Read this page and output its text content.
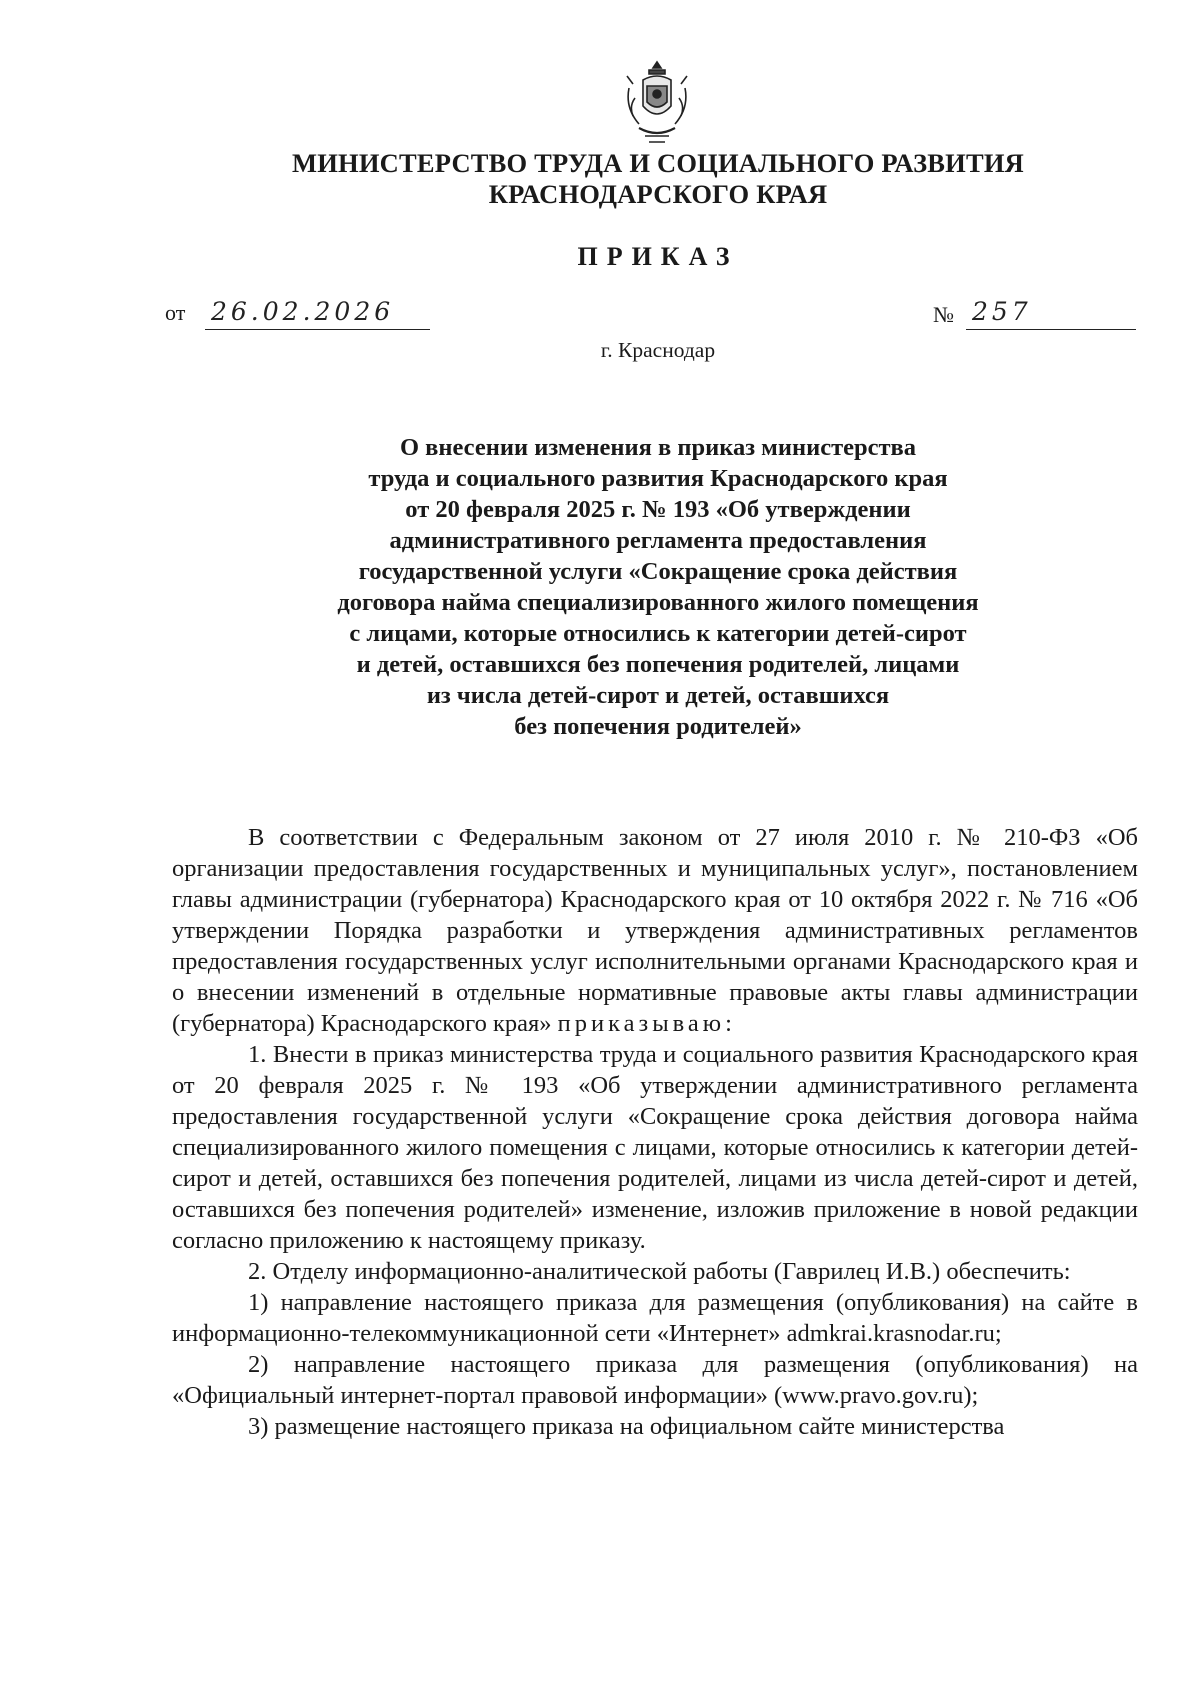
МИНИСТЕРСТВО ТРУДА И СОЦИАЛЬНОГО РАЗВИТИЯ
КРАСНОДАРСКОГО КРАЯ
ПРИКАЗ
от 26.02.2026	№ 257
г. Краснодар
О внесении изменения в приказ министерства
труда и социального развития Краснодарского края
от 20 февраля 2025 г. № 193 «Об утверждении
административного регламента предоставления
государственной услуги «Сокращение срока действия
договора найма специализированного жилого помещения
с лицами, которые относились к категории детей-сирот
и детей, оставшихся без попечения родителей, лицами
из числа детей-сирот и детей, оставшихся
без попечения родителей»

В соответствии с Федеральным законом от 27 июля 2010 г. № 210-ФЗ «Об организации предоставления государственных и муниципальных услуг», постановлением главы администрации (губернатора) Краснодарского края от 10 октября 2022 г. № 716 «Об утверждении Порядка разработки и утверждения административных регламентов предоставления государственных услуг исполнительными органами Краснодарского края и о внесении изменений в отдельные нормативные правовые акты главы администрации (губернатора) Краснодарского края» приказываю:

1. Внести в приказ министерства труда и социального развития Краснодарского края от 20 февраля 2025 г. № 193 «Об утверждении административного регламента предоставления государственной услуги «Сокращение срока действия договора найма специализированного жилого помещения с лицами, которые относились к категории детей-сирот и детей, оставшихся без попечения родителей, лицами из числа детей-сирот и детей, оставшихся без попечения родителей» изменение, изложив приложение в новой редакции согласно приложению к настоящему приказу.

2. Отделу информационно-аналитической работы (Гаврилец И.В.) обеспечить:

1) направление настоящего приказа для размещения (опубликования) на сайте в информационно-телекоммуникационной сети «Интернет» admkrai.krasnodar.ru;

2) направление настоящего приказа для размещения (опубликования) на «Официальный интернет-портал правовой информации» (www.pravo.gov.ru);

3) размещение настоящего приказа на официальном сайте министерства
